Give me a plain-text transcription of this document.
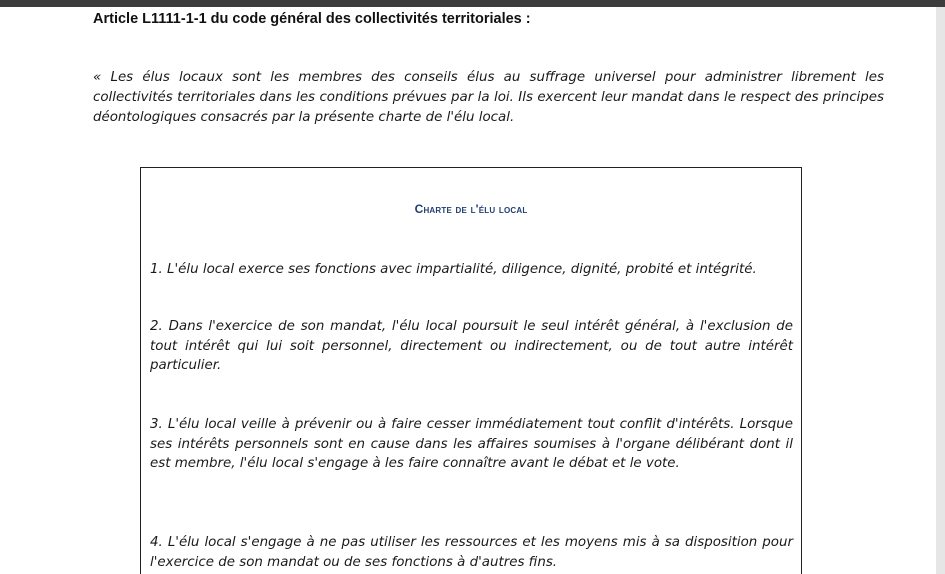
Article L1111-1-1 du code général des collectivités territoriales :
« Les élus locaux sont les membres des conseils élus au suffrage universel pour administrer librement les collectivités territoriales dans les conditions prévues par la loi. Ils exercent leur mandat dans le respect des principes déontologiques consacrés par la présente charte de l'élu local.
Charte de l'élu local
1. L'élu local exerce ses fonctions avec impartialité, diligence, dignité, probité et intégrité.
2. Dans l'exercice de son mandat, l'élu local poursuit le seul intérêt général, à l'exclusion de tout intérêt qui lui soit personnel, directement ou indirectement, ou de tout autre intérêt particulier.
3. L'élu local veille à prévenir ou à faire cesser immédiatement tout conflit d'intérêts. Lorsque ses intérêts personnels sont en cause dans les affaires soumises à l'organe délibérant dont il est membre, l'élu local s'engage à les faire connaître avant le débat et le vote.
4. L'élu local s'engage à ne pas utiliser les ressources et les moyens mis à sa disposition pour l'exercice de son mandat ou de ses fonctions à d'autres fins.
